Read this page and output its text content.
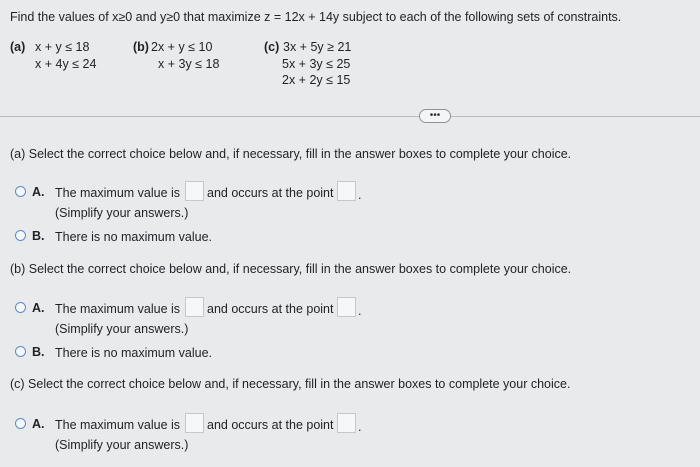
Find the values of x≥0 and y≥0 that maximize z = 12x + 14y subject to each of the following sets of constraints.
(a) x + y ≤ 18
x + 4y ≤ 24
(b) 2x + y ≤ 10
x + 3y ≤ 18
(c) 3x + 5y ≥ 21
5x + 3y ≤ 25
2x + 2y ≤ 15
•••
(a) Select the correct choice below and, if necessary, fill in the answer boxes to complete your choice.
A. The maximum value is and occurs at the point .
(Simplify your answers.)
B. There is no maximum value.
(b) Select the correct choice below and, if necessary, fill in the answer boxes to complete your choice.
A. The maximum value is and occurs at the point .
(Simplify your answers.)
B. There is no maximum value.
(c) Select the correct choice below and, if necessary, fill in the answer boxes to complete your choice.
A. The maximum value is and occurs at the point .
(Simplify your answers.)
